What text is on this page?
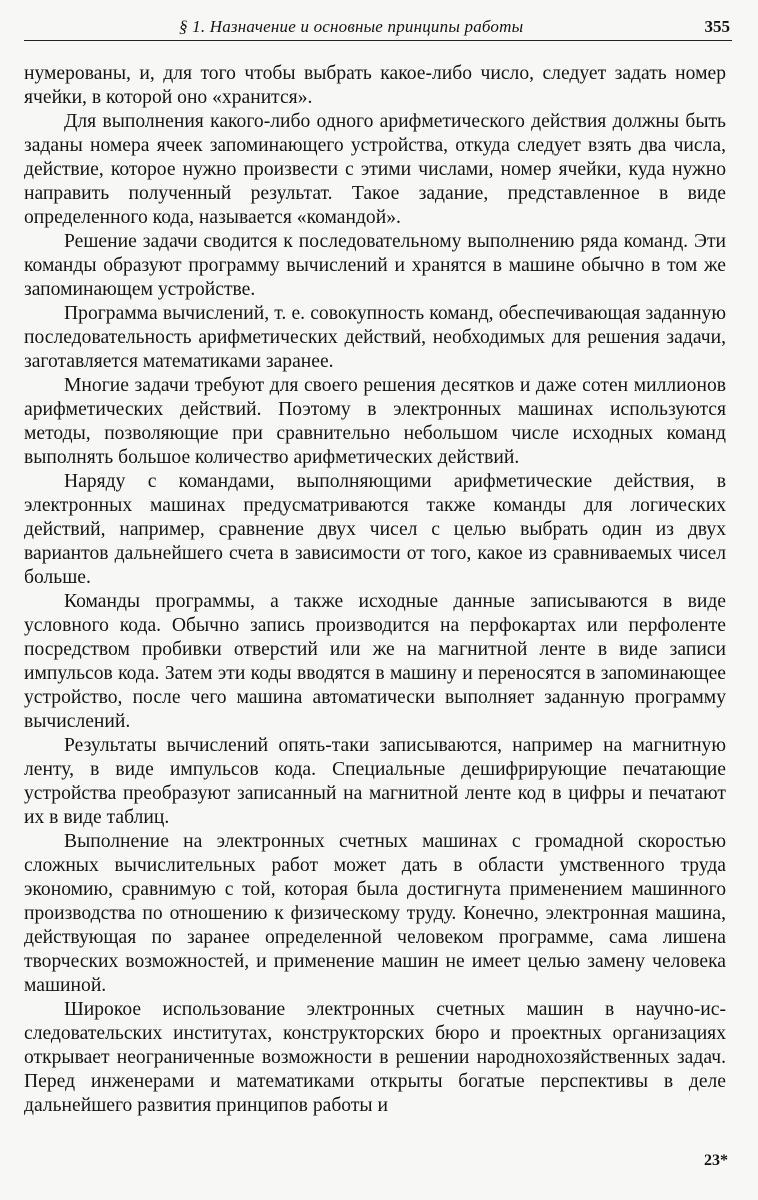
§ 1. Назначение и основные принципы работы	355

нумерованы, и, для того чтобы выбрать какое-либо число, следует задать номер ячейки, в которой оно «хранится».

Для выполнения какого-либо одного арифметического действия должны быть заданы номера ячеек запоминающего устройства, откуда следует взять два числа, действие, которое нужно произвести с этими числами, номер ячейки, куда нужно направить полученный результат. Такое задание, представленное в виде определенного кода, называется «командой».

Решение задачи сводится к последовательному выполнению ряда команд. Эти команды образуют программу вычислений и хранятся в машине обычно в том же запоминающем устройстве.

Программа вычислений, т. е. совокупность команд, обеспечивающая заданную последовательность арифметических действий, необходимых для решения задачи, заготавляется математиками заранее.

Многие задачи требуют для своего решения десятков и даже сотен миллионов арифметических действий. Поэтому в электронных машинах используются методы, позволяющие при сравнительно небольшом числе исходных команд выполнять большое количество арифметических действий.

Наряду с командами, выполняющими арифметические действия, в электронных машинах предусматриваются также команды для логических действий, например, сравнение двух чисел с целью выбрать один из двух вариантов дальнейшего счета в зависимости от того, какое из сравниваемых чисел больше.

Команды программы, а также исходные данные записываются в виде условного кода. Обычно запись производится на перфокартах или перфоленте посредством пробивки отверстий или же на магнитной ленте в виде записи импульсов кода. Затем эти коды вводятся в машину и переносятся в запоминающее устройство, после чего машина автоматически выполняет заданную программу вычислений.

Результаты вычислений опять-таки записываются, например на магнитную ленту, в виде импульсов кода. Специальные дешифрирующие печатающие устройства преобразуют записанный на магнитной ленте код в цифры и печатают их в виде таблиц.

Выполнение на электронных счетных машинах с громадной скоростью сложных вычислительных работ может дать в области умственного труда экономию, сравнимую с той, которая была достигнута применением машинного производства по отношению к физическому труду. Конечно, электронная машина, действующая по заранее определенной человеком программе, сама лишена творческих возможностей, и применение машин не имеет целью замену человека машиной.

Широкое использование электронных счетных машин в научно-исследовательских институтах, конструкторских бюро и проектных организациях открывает неограниченные возможности в решении народнохозяйственных задач. Перед инженерами и математиками открыты богатые перспективы в деле дальнейшего развития принципов работы и

23*
